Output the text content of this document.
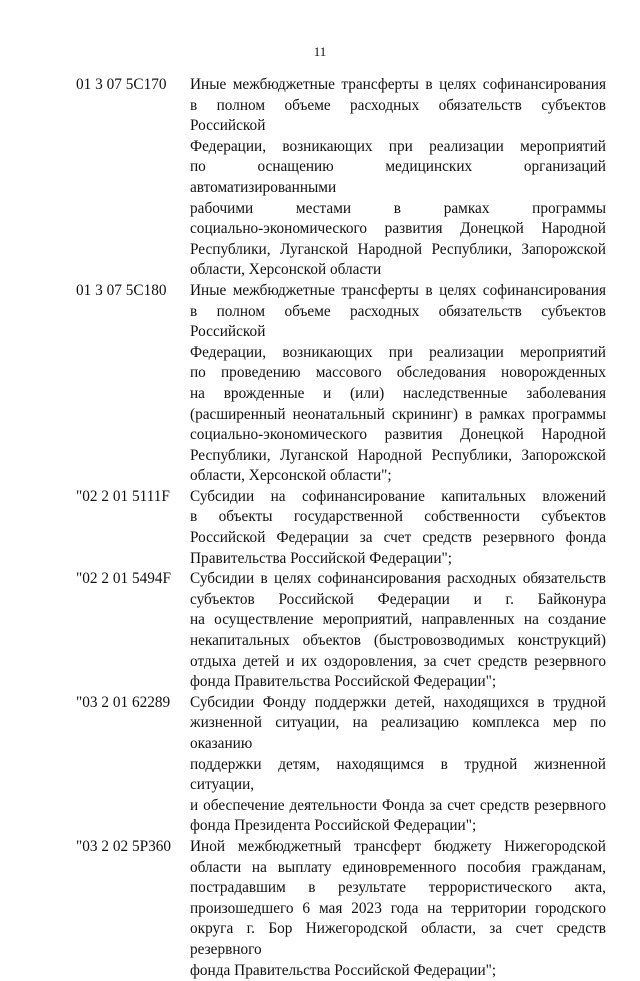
11
01 3 07 5С170	Иные межбюджетные трансферты в целях софинансирования
в полном объеме расходных обязательств субъектов Российской
Федерации, возникающих при реализации мероприятий
по оснащению медицинских организаций автоматизированными
рабочими местами в рамках программы
социально-экономического развития Донецкой Народной
Республики, Луганской Народной Республики, Запорожской
области, Херсонской области
01 3 07 5С180	Иные межбюджетные трансферты в целях софинансирования
в полном объеме расходных обязательств субъектов Российской
Федерации, возникающих при реализации мероприятий
по проведению массового обследования новорожденных
на врожденные и (или) наследственные заболевания
(расширенный неонатальный скрининг) в рамках программы
социально-экономического развития Донецкой Народной
Республики, Луганской Народной Республики, Запорожской
области, Херсонской области";
"02 2 01 5111F	Субсидии на софинансирование капитальных вложений
в объекты государственной собственности субъектов
Российской Федерации за счет средств резервного фонда
Правительства Российской Федерации";
"02 2 01 5494F	Субсидии в целях софинансирования расходных обязательств
субъектов Российской Федерации и г. Байконура
на осуществление мероприятий, направленных на создание
некапитальных объектов (быстровозводимых конструкций)
отдыха детей и их оздоровления, за счет средств резервного
фонда Правительства Российской Федерации";
"03 2 01 62289	Субсидии Фонду поддержки детей, находящихся в трудной
жизненной ситуации, на реализацию комплекса мер по оказанию
поддержки детям, находящимся в трудной жизненной ситуации,
и обеспечение деятельности Фонда за счет средств резервного
фонда Президента Российской Федерации";
"03 2 02 5Р360	Иной межбюджетный трансферт бюджету Нижегородской
области на выплату единовременного пособия гражданам,
пострадавшим в результате террористического акта,
произошедшего 6 мая 2023 года на территории городского
округа г. Бор Нижегородской области, за счет средств резервного
фонда Правительства Российской Федерации";
